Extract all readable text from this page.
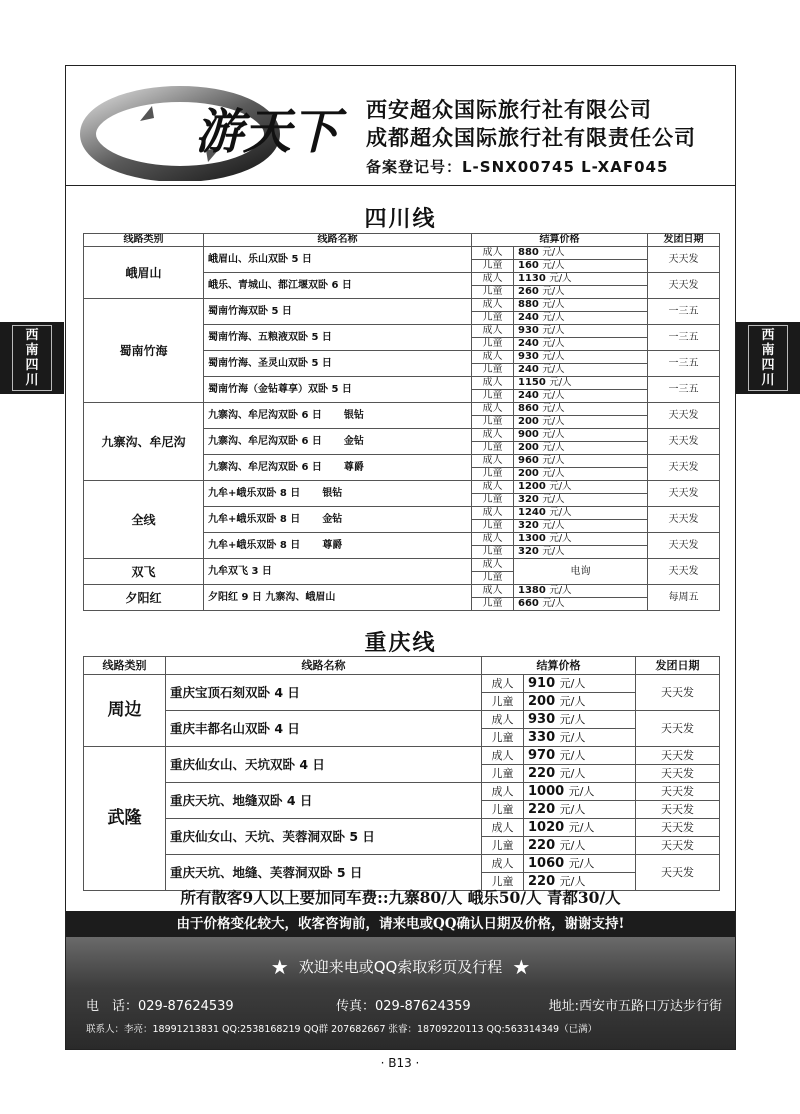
西
南
四
川
西
南
四
川
游天下	西安超众国际旅行社有限公司
成都超众国际旅行社有限责任公司
备案登记号：L-SNX00745 L-XAF045
四川线
线路类别	线路名称	结算价格		发团日期
峨眉山	峨眉山、乐山双卧 5 日	成人	880 元/人	天天发
		儿童	160 元/人	
	峨乐、青城山、都江堰双卧 6 日	成人	1130 元/人	天天发
		儿童	260 元/人	
蜀南竹海	蜀南竹海双卧 5 日	成人	880 元/人	一三五
		儿童	240 元/人	
	蜀南竹海、五粮液双卧 5 日	成人	930 元/人	一三五
		儿童	240 元/人	
	蜀南竹海、圣灵山双卧 5 日	成人	930 元/人	一三五
		儿童	240 元/人	
	蜀南竹海（金钻尊享）双卧 5 日	成人	1150 元/人	一三五
		儿童	240 元/人	
九寨沟、牟尼沟	九寨沟、牟尼沟双卧 6 日 银钻	成人	860 元/人	天天发
		儿童	200 元/人	
	九寨沟、牟尼沟双卧 6 日 金钻	成人	900 元/人	天天发
		儿童	200 元/人	
	九寨沟、牟尼沟双卧 6 日 尊爵	成人	960 元/人	天天发
		儿童	200 元/人	
全线	九牟+峨乐双卧 8 日 银钻	成人	1200 元/人	天天发
		儿童	320 元/人	
	九牟+峨乐双卧 8 日 金钻	成人	1240 元/人	天天发
		儿童	320 元/人	
	九牟+峨乐双卧 8 日 尊爵	成人	1300 元/人	天天发
		儿童	320 元/人	
双飞	九牟双飞 3 日	成人	电询	天天发
		儿童		
夕阳红	夕阳红 9 日 九寨沟、峨眉山	成人	1380 元/人	每周五
		儿童	660 元/人	
重庆线
线路类别	线路名称	结算价格		发团日期
周边	重庆宝顶石刻双卧 4 日	成人	910 元/人	天天发
		儿童	200 元/人	
	重庆丰都名山双卧 4 日	成人	930 元/人	天天发
		儿童	330 元/人	
武隆	重庆仙女山、天坑双卧 4 日	成人	970 元/人	天天发
		儿童	220 元/人	天天发
	重庆天坑、地缝双卧 4 日	成人	1000 元/人	天天发
		儿童	220 元/人	天天发
	重庆仙女山、天坑、芙蓉洞双卧 5 日	成人	1020 元/人	天天发
		儿童	220 元/人	天天发
	重庆天坑、地缝、芙蓉洞双卧 5 日	成人	1060 元/人	天天发
		儿童	220 元/人	
所有散客9人以上要加同车费::九寨80/人 峨乐50/人 青都30/人
由于价格变化较大，收客咨询前，请来电或QQ确认日期及价格，谢谢支持!
★ 欢迎来电或QQ索取彩页及行程 ★
电　话：029-87624539	传真：029-87624359	地址:西安市五路口万达步行街
联系人：李亮：18991213831 QQ:2538168219 QQ群 207682667 张睿：18709220113 QQ:563314349（已满）
· B13 ·
